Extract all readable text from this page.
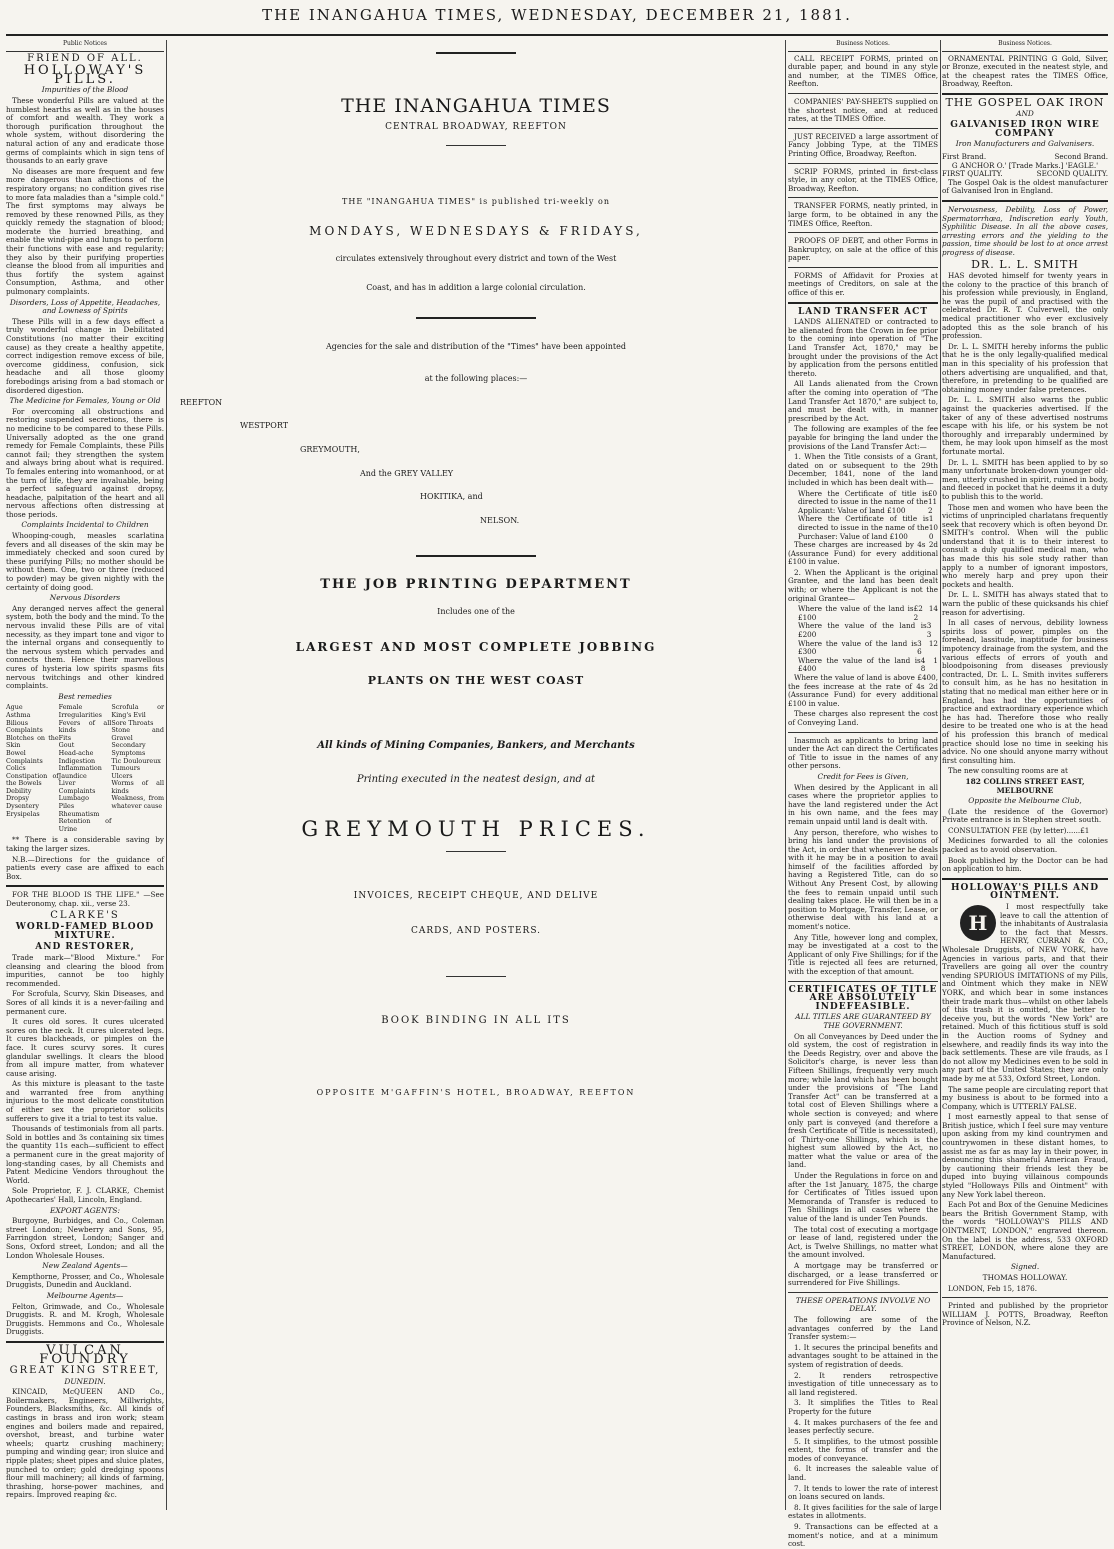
THE INANGAHUA TIMES, WEDNESDAY, DECEMBER 21, 1881.
Public Notices
FRIEND OF ALL.
HOLLOWAY'S PILLS.
Impurities of the Blood

These wonderful Pills are valued at the humblest hearths as well as in the houses of comfort and wealth. They work a thorough purification throughout the whole system, without disordering the natural action of any and eradicate those germs of complaints which in sign tens of thousands to an early grave

No diseases are more frequent and few more dangerous than affections of the respiratory organs; no condition gives rise to more fata maladies than a "simple cold." The first symptoms may always be removed by these renowned Pills, as they quickly remedy the stagnation of blood; moderate the hurried breathing, and enable the wind-pipe and lungs to perform their functions with ease and regularity; they also by their purifying properties cleanse the blood from all impurities and thus fortify the system against Consumption, Asthma, and other pulmonary complaints.

Disorders, Loss of Appetite, Headaches, and Lowness of Spirits

These Pills will in a few days effect a truly wonderful change in Debilitated Constitutions (no matter their exciting cause) as they create a healthy appetite, correct indigestion remove excess of bile, overcome giddiness, confusion, sick headache and all those gloomy forebodings arising from a bad stomach or disordered digestion.

The Medicine for Females, Young or Old

For overcoming all obstructions and restoring suspended secretions, there is no medicine to be compared to these Pills. Universally adopted as the one grand remedy for Female Complaints, these Pills cannot fail; they strengthen the system and always bring about what is required. To females entering into womanhood, or at the turn of life, they are invaluable, being a perfect safeguard against dropsy, headache, palpitation of the heart and all nervous affections often distressing at those periods.

Complaints Incidental to Children

Whooping-cough, measles scarlatina fevers and all diseases of the skin may be immediately checked and soon cured by these purifying Pills; no mother should be without them. One, two or three (reduced to powder) may be given nightly with the certainty of doing good.

Nervous Disorders

Any deranged nerves affect the general system, both the body and the mind. To the nervous invalid these Pills are of vital necessity, as they impart tone and vigor to the internal organs and consequently to the nervous system which pervades and connects them. Hence their marvellous cures of hysteria low spirits spasms fits nervous twitchings and other kindred complaints.

Best remedies
Ague
Asthma
Bilious Complaints
Blotches on the Skin
Bowel Complaints
Colics
Constipation of the Bowels
Debility
Dropsy
Dysentery
Erysipelas
Female Irregularities
Fevers of all kinds
Fits
Gout
Head-ache
Indigestion
Inflammation
Jaundice
Liver Complaints
Lumbago
Piles
Rheumatism
Retention of Urine
Scrofula or King's Evil
Sore Throats
Stone and Gravel
Secondary Symptoms
Tic Douloureux
Tumours
Ulcers
Worms of all kinds
Weakness, from whatever cause

** There is a considerable saving by taking the larger sizes.

N.B.—Directions for the guidance of patients every case are affixed to each Box.

FOR THE BLOOD IS THE LIFE." —See Deuteronomy, chap. xii., verse 23.

CLARKE'S
WORLD-FAMED BLOOD MIXTURE.
AND RESTORER,

Trade mark—"Blood Mixture." For cleansing and clearing the blood from impurities, cannot be too highly recommended.

For Scrofula, Scurvy, Skin Diseases, and Sores of all kinds it is a never-failing and permanent cure.

It cures old sores. It cures ulcerated sores on the neck. It cures ulcerated legs. It cures blackheads, or pimples on the face. It cures scurvy sores. It cures glandular swellings. It clears the blood from all impure matter, from whatever cause arising.

As this mixture is pleasant to the taste and warranted free from anything injurious to the most delicate constitution of either sex the proprietor solicits sufferers to give it a trial to test its value.

Thousands of testimonials from all parts. Sold in bottles and 3s containing six times the quantity 11s each—sufficient to effect a permanent cure in the great majority of long-standing cases, by all Chemists and Patent Medicine Vendors throughout the World.

Sole Proprietor, F. J. CLARKE, Chemist Apothecaries' Hall, Lincoln, England.

EXPORT AGENTS:

Burgoyne, Burbidges, and Co., Coleman street London; Newberry and Sons, 95, Farringdon street, London; Sanger and Sons, Oxford street, London; and all the London Wholesale Houses.

New Zealand Agents—

Kempthorne, Prosser, and Co., Wholesale Druggists, Dunedin and Auckland.

Melbourne Agents—

Felton, Grimwade, and Co., Wholesale Druggists. R. and M. Krogh, Wholesale Druggists. Hemmons and Co., Wholesale Druggists.

VULCAN FOUNDRY
GREAT KING STREET,
DUNEDIN.

KINCAID, McQUEEN AND Co., Boilermakers, Engineers, Millwrights, Founders, Blacksmiths, &c. All kinds of castings in brass and iron work; steam engines and boilers made and repaired, overshot, breast, and turbine water wheels; quartz crushing machinery; pumping and winding gear; iron sluice and ripple plates; sheet pipes and sluice plates, punched to order; gold dredging spoons flour mill machinery; all kinds of farming, thrashing, horse-power machines, and repairs. Improved reaping &c.

THE INANGAHUA TIMES
CENTRAL BROADWAY, REEFTON
THE "INANGAHUA TIMES" is published tri-weekly on
MONDAYS, WEDNESDAYS & FRIDAYS,
circulates extensively throughout every district and town of the West
Coast, and has in addition a large colonial circulation.
Agencies for the sale and distribution of the "Times" have been appointed
at the following places:—
REEFTON
WESTPORT
GREYMOUTH,
And the GREY VALLEY
HOKITIKA, and
NELSON.
THE JOB PRINTING DEPARTMENT
Includes one of the
LARGEST AND MOST COMPLETE JOBBING
PLANTS ON THE WEST COAST
All kinds of Mining Companies, Bankers, and Merchants
Printing executed in the neatest design, and at
GREYMOUTH PRICES.
INVOICES, RECEIPT CHEQUE, AND DELIVE
CARDS, AND POSTERS.
BOOK BINDING IN ALL ITS
OPPOSITE M'GAFFIN'S HOTEL, BROADWAY, REEFTON
Business Notices.

CALL RECEIPT FORMS, printed on durable paper, and bound in any style and number, at the TIMES Office, Reefton.

COMPANIES' PAY-SHEETS supplied on the shortest notice, and at reduced rates, at the TIMES Office.

JUST RECEIVED a large assortment of Fancy Jobbing Type, at the TIMES Printing Office, Broadway, Reefton.

SCRIP FORMS, printed in first-class style, in any color, at the TIMES Office, Broadway, Reefton.

TRANSFER FORMS, neatly printed, in large form, to be obtained in any the TIMES Office, Reefton.

PROOFS OF DEBT, and other Forms in Bankruptcy, on sale at the office of this paper.

FORMS of Affidavit for Proxies at meetings of Creditors, on sale at the office of this er.

LAND TRANSFER ACT

LANDS ALIENATED or contracted to be alienated from the Crown in fee prior to the coming into operation of "The Land Transfer Act, 1870," may be brought under the provisions of the Act by application from the persons entitled thereto.

All Lands alienated from the Crown after the coming into operation of "The Land Transfer Act 1870," are subject to, and must be dealt with, in manner prescribed by the Act.

The following are examples of the fee payable for bringing the land under the provisions of the Land Transfer Act:—

1. When the Title consists of a Grant, dated on or subsequent to the 29th December, 1841, none of the land included in which has been dealt with—

Where the Certificate of title is directed to issue in the name of the Applicant: Value of land £100
£0 11 2
Where the Certificate of title is directed to issue in the name of the Purchaser: Value of land £100
1 10 0

These charges are increased by 4s 2d (Assurance Fund) for every additional £100 in value.

2. When the Applicant is the original Grantee, and the land has been dealt with; or where the Applicant is not the original Grantee—

Where the value of the land is £100
£2 14 2
Where the value of the land is £200
3 3
Where the value of the land is £300
3 12 6
Where the value of the land is £400
4 1 8

Where the value of land is above £400, the fees increase at the rate of 4s 2d (Assurance Fund) for every additional £100 in value.

These charges also represent the cost of Conveying Land.

Inasmuch as applicants to bring land under the Act can direct the Certificates of Title to issue in the names of any other persons.

Credit for Fees is Given,

When desired by the Applicant in all cases where the proprietor applies to have the land registered under the Act in his own name, and the fees may remain unpaid until land is dealt with.

Any person, therefore, who wishes to bring his land under the provisions of the Act, in order that whenever he deals with it he may be in a position to avail himself of the facilities afforded by having a Registered Title, can do so Without Any Present Cost, by allowing the fees to remain unpaid until such dealing takes place. He will then be in a position to Mortgage, Transfer, Lease, or otherwise deal with his land at a moment's notice.

Any Title, however long and complex, may be investigated at a cost to the Applicant of only Five Shillings; for if the Title is rejected all fees are returned, with the exception of that amount.

CERTIFICATES OF TITLE ARE ABSOLUTELY INDEFEASIBLE.
ALL TITLES ARE GUARANTEED BY THE GOVERNMENT.

On all Conveyances by Deed under the old system, the cost of registration in the Deeds Registry, over and above the Solicitor's charge, is never less than Fifteen Shillings, frequently very much more; while land which has been bought under the provisions of "The Land Transfer Act" can be transferred at a total cost of Eleven Shillings where a whole section is conveyed; and where only part is conveyed (and therefore a fresh Certificate of Title is necessitated), of Thirty-one Shillings, which is the highest sum allowed by the Act, no matter what the value or area of the land.

Under the Regulations in force on and after the 1st January, 1875, the charge for Certificates of Titles issued upon Memoranda of Transfer is reduced to Ten Shillings in all cases where the value of the land is under Ten Pounds.

The total cost of executing a mortgage or lease of land, registered under the Act, is Twelve Shillings, no matter what the amount involved.

A mortgage may be transferred or discharged, or a lease transferred or surrendered for Five Shillings.

THESE OPERATIONS INVOLVE NO DELAY.

The following are some of the advantages conferred by the Land Transfer system:—

1. It secures the principal benefits and advantages sought to be attained in the system of registration of deeds.

2. It renders retrospective investigation of title unnecessary as to all land registered.

3. It simplifies the Titles to Real Property for the future

4. It makes purchasers of the fee and leases perfectly secure.

5. It simplifies, to the utmost possible extent, the forms of transfer and the modes of conveyance.

6. It increases the saleable value of land.

7. It tends to lower the rate of interest on loans secured on lands.

8. It gives facilities for the sale of large estates in allotments.

9. Transactions can be effected at a moment's notice, and at a minimum cost.

Business Notices.

ORNAMENTAL PRINTING G Gold, Silver, or Bronze, executed in the neatest style, and at the cheapest rates the TIMES Office, Broadway, Reefton.

THE GOSPEL OAK IRON
AND
GALVANISED IRON WIRE COMPANY
Iron Manufacturers and Galvanisers.
First Brand.	Second Brand.
G ANCHOR O.' [Trade Marks.] 'EAGLE.'
FIRST QUALITY.	SECOND QUALITY.

The Gospel Oak is the oldest manufacturer of Galvanised Iron in England.

Nervousness, Debility, Loss of Power, Spermatorrhœa, Indiscretion early Youth, Syphilitic Disease. In all the above cases, arresting errors and the yielding to the passion, time should be lost to at once arrest progress of disease.

DR. L. L. SMITH

HAS devoted himself for twenty years in the colony to the practice of this branch of his profession while previously, in England, he was the pupil of and practised with the celebrated Dr. R. T. Culverwell, the only medical practitioner who ever exclusively adopted this as the sole branch of his profession.

Dr. L. L. SMITH hereby informs the public that he is the only legally-qualified medical man in this speciality of his profession that others advertising are unqualified, and that, therefore, in pretending to be qualified are obtaining money under false pretences.

Dr. L. L. SMITH also warns the public against the quackeries advertised. If the taker of any of these advertised nostrums escape with his life, or his system be not thoroughly and irreparably undermined by them, he may look upon himself as the most fortunate mortal.

Dr. L. L. SMITH has been applied to by so many unfortunate broken-down younger old-men, utterly crushed in spirit, ruined in body, and fleeced in pocket that he deems it a duty to publish this to the world.

Those men and women who have been the victims of unprincipled charlatans frequently seek that recovery which is often beyond Dr. SMITH's control. When will the public understand that it is to their interest to consult a duly qualified medical man, who has made this his sole study rather than apply to a number of ignorant impostors, who merely harp and prey upon their pockets and health.

Dr. L. L. SMITH has always stated that to warn the public of these quicksands his chief reason for advertising.

In all cases of nervous, debility lowness spirits loss of power, pimples on the forehead, lassitude, inaptitude for business impotency drainage from the system, and the various effects of errors of youth and bloodpoisoning from diseases previously contracted, Dr. L. L. Smith invites sufferers to consult him, as he has no hesitation in stating that no medical man either here or in England, has had the opportunities of practice and extraordinary experience which he has had. Therefore those who really desire to be treated one who is at the head of his profession this branch of medical practice should lose no time in seeking his advice. No one should anyone marry without first consulting him.

The new consulting rooms are at

182 COLLINS STREET EAST, MELBOURNE
Opposite the Melbourne Club,

(Late the residence of the Governor) Private entrance is in Stephen street south.

CONSULTATION FEE (by letter)......£1

Medicines forwarded to all the colonies packed as to avoid observation.

Book published by the Doctor can be had on application to him.

HOLLOWAY'S PILLS AND OINTMENT.
H

I most respectfully take leave to call the attention of the inhabitants of Australasia to the fact that Messrs. HENRY, CURRAN & CO., Wholesale Druggists, of NEW YORK, have Agencies in various parts, and that their Travellers are going all over the country vending SPURIOUS IMITATIONS of my Pills, and Ointment which they make in NEW YORK, and which bear in some instances their trade mark thus—whilst on other labels of this trash it is omitted, the better to deceive you, but the words "New York" are retained. Much of this fictitious stuff is sold in the Auction rooms of Sydney and elsewhere, and readily finds its way into the back settlements. These are vile frauds, as I do not allow my Medicines even to be sold in any part of the United States; they are only made by me at 533, Oxford Street, London.

The same people are circulating report that my business is about to be formed into a Company, which is UTTERLY FALSE.

I most earnestly appeal to that sense of British justice, which I feel sure may venture upon asking from my kind countrymen and countrywomen in these distant homes, to assist me as far as may lay in their power, in denouncing this shameful American Fraud, by cautioning their friends lest they be duped into buying villainous compounds styled "Holloways Pills and Ointment" with any New York label thereon.

Each Pot and Box of the Genuine Medicines bears the British Government Stamp, with the words "HOLLOWAY'S PILLS AND OINTMENT, LONDON," engraved thereon. On the label is the address, 533 OXFORD STREET, LONDON, where alone they are Manufactured.

Signed.
THOMAS HOLLOWAY.

LONDON, Feb 15, 1876.

Printed and published by the proprietor WILLIAM J. POTTS, Broadway, Reefton Province of Nelson, N.Z.
